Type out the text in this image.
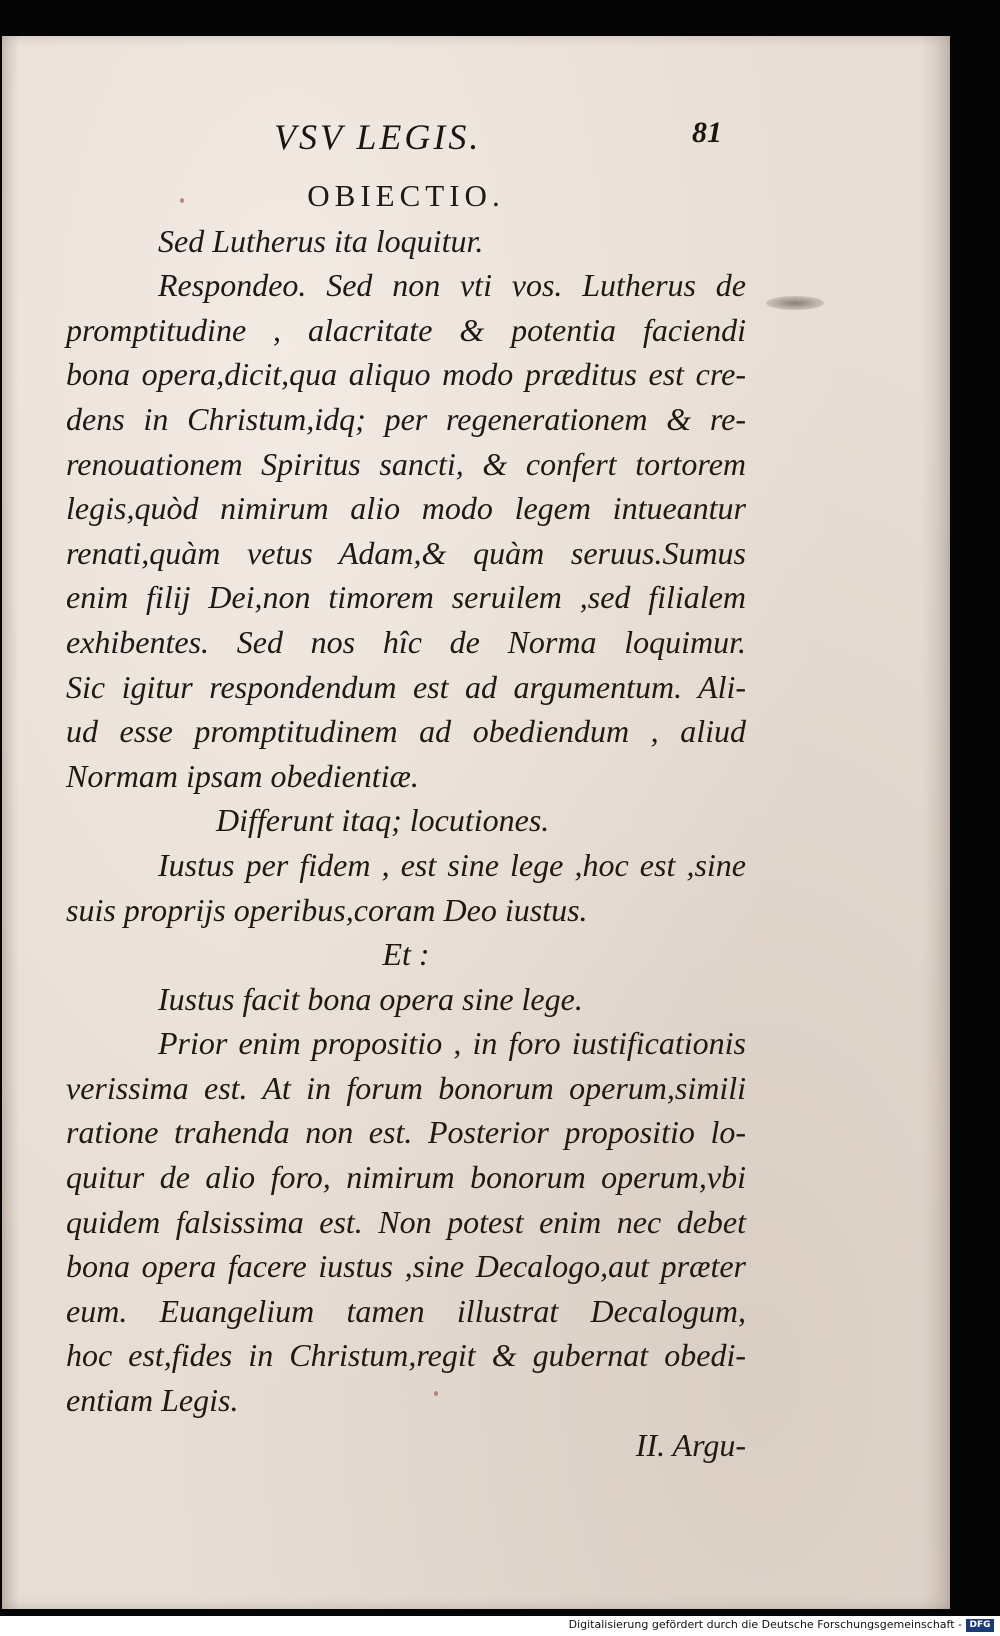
VSV LEGIS.	81
OBIECTIO.
Sed Lutherus ita loquitur.
Respondeo. Sed non vti vos. Lutherus de
promptitudine , alacritate & potentia faciendi
bona opera,dicit,qua aliquo modo præditus est cre-
dens in Christum,idq; per regenerationem & re-
renouationem Spiritus sancti, & confert tortorem
legis,quòd nimirum alio modo legem intueantur
renati,quàm vetus Adam,& quàm seruus.Sumus
enim filij Dei,non timorem seruilem ,sed filialem
exhibentes. Sed nos hîc de Norma loquimur.
Sic igitur respondendum est ad argumentum. Ali-
ud esse promptitudinem ad obediendum , aliud
Normam ipsam obedientiæ.
Differunt itaq; locutiones.
Iustus per fidem , est sine lege ,hoc est ,sine
suis proprijs operibus,coram Deo iustus.
Et :
Iustus facit bona opera sine lege.
Prior enim propositio , in foro iustificationis
verissima est. At in forum bonorum operum,simili
ratione trahenda non est. Posterior propositio lo-
quitur de alio foro, nimirum bonorum operum,vbi
quidem falsissima est. Non potest enim nec debet
bona opera facere iustus ,sine Decalogo,aut præter
eum. Euangelium tamen illustrat Decalogum,
hoc est,fides in Christum,regit & gubernat obedi-
entiam Legis.
II. Argu-
Digitalisierung gefördert durch die Deutsche Forschungsgemeinschaft - DFG
